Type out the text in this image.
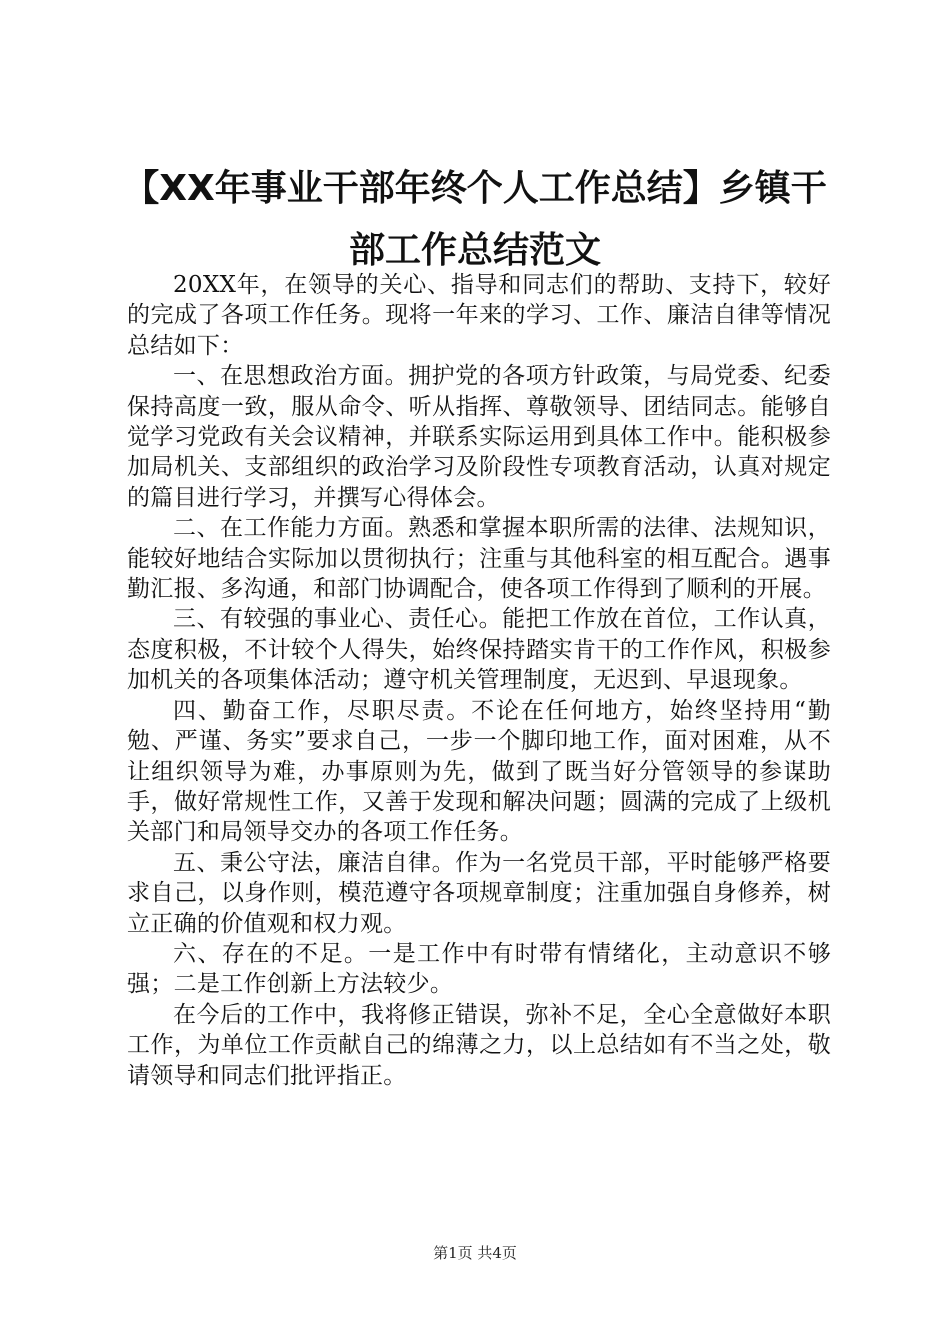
【XX年事业干部年终个人工作总结】乡镇干
部工作总结范文

20XX年，在领导的关心、指导和同志们的帮助、支持下，较好的完成了各项工作任务。现将一年来的学习、工作、廉洁自律等情况总结如下：

一、在思想政治方面。拥护党的各项方针政策，与局党委、纪委保持高度一致，服从命令、听从指挥、尊敬领导、团结同志。能够自觉学习党政有关会议精神，并联系实际运用到具体工作中。能积极参加局机关、支部组织的政治学习及阶段性专项教育活动，认真对规定的篇目进行学习，并撰写心得体会。

二、在工作能力方面。熟悉和掌握本职所需的法律、法规知识，能较好地结合实际加以贯彻执行；注重与其他科室的相互配合。遇事勤汇报、多沟通，和部门协调配合，使各项工作得到了顺利的开展。

三、有较强的事业心、责任心。能把工作放在首位，工作认真，态度积极，不计较个人得失，始终保持踏实肯干的工作作风，积极参加机关的各项集体活动；遵守机关管理制度，无迟到、早退现象。

四、勤奋工作，尽职尽责。不论在任何地方，始终坚持用“勤勉、严谨、务实”要求自己，一步一个脚印地工作，面对困难，从不让组织领导为难，办事原则为先，做到了既当好分管领导的参谋助手，做好常规性工作，又善于发现和解决问题；圆满的完成了上级机关部门和局领导交办的各项工作任务。

五、秉公守法，廉洁自律。作为一名党员干部，平时能够严格要求自己，以身作则，模范遵守各项规章制度；注重加强自身修养，树立正确的价值观和权力观。

六、存在的不足。一是工作中有时带有情绪化，主动意识不够强；二是工作创新上方法较少。

在今后的工作中，我将修正错误，弥补不足，全心全意做好本职工作，为单位工作贡献自己的绵薄之力，以上总结如有不当之处，敬请领导和同志们批评指正。

第1页 共4页
